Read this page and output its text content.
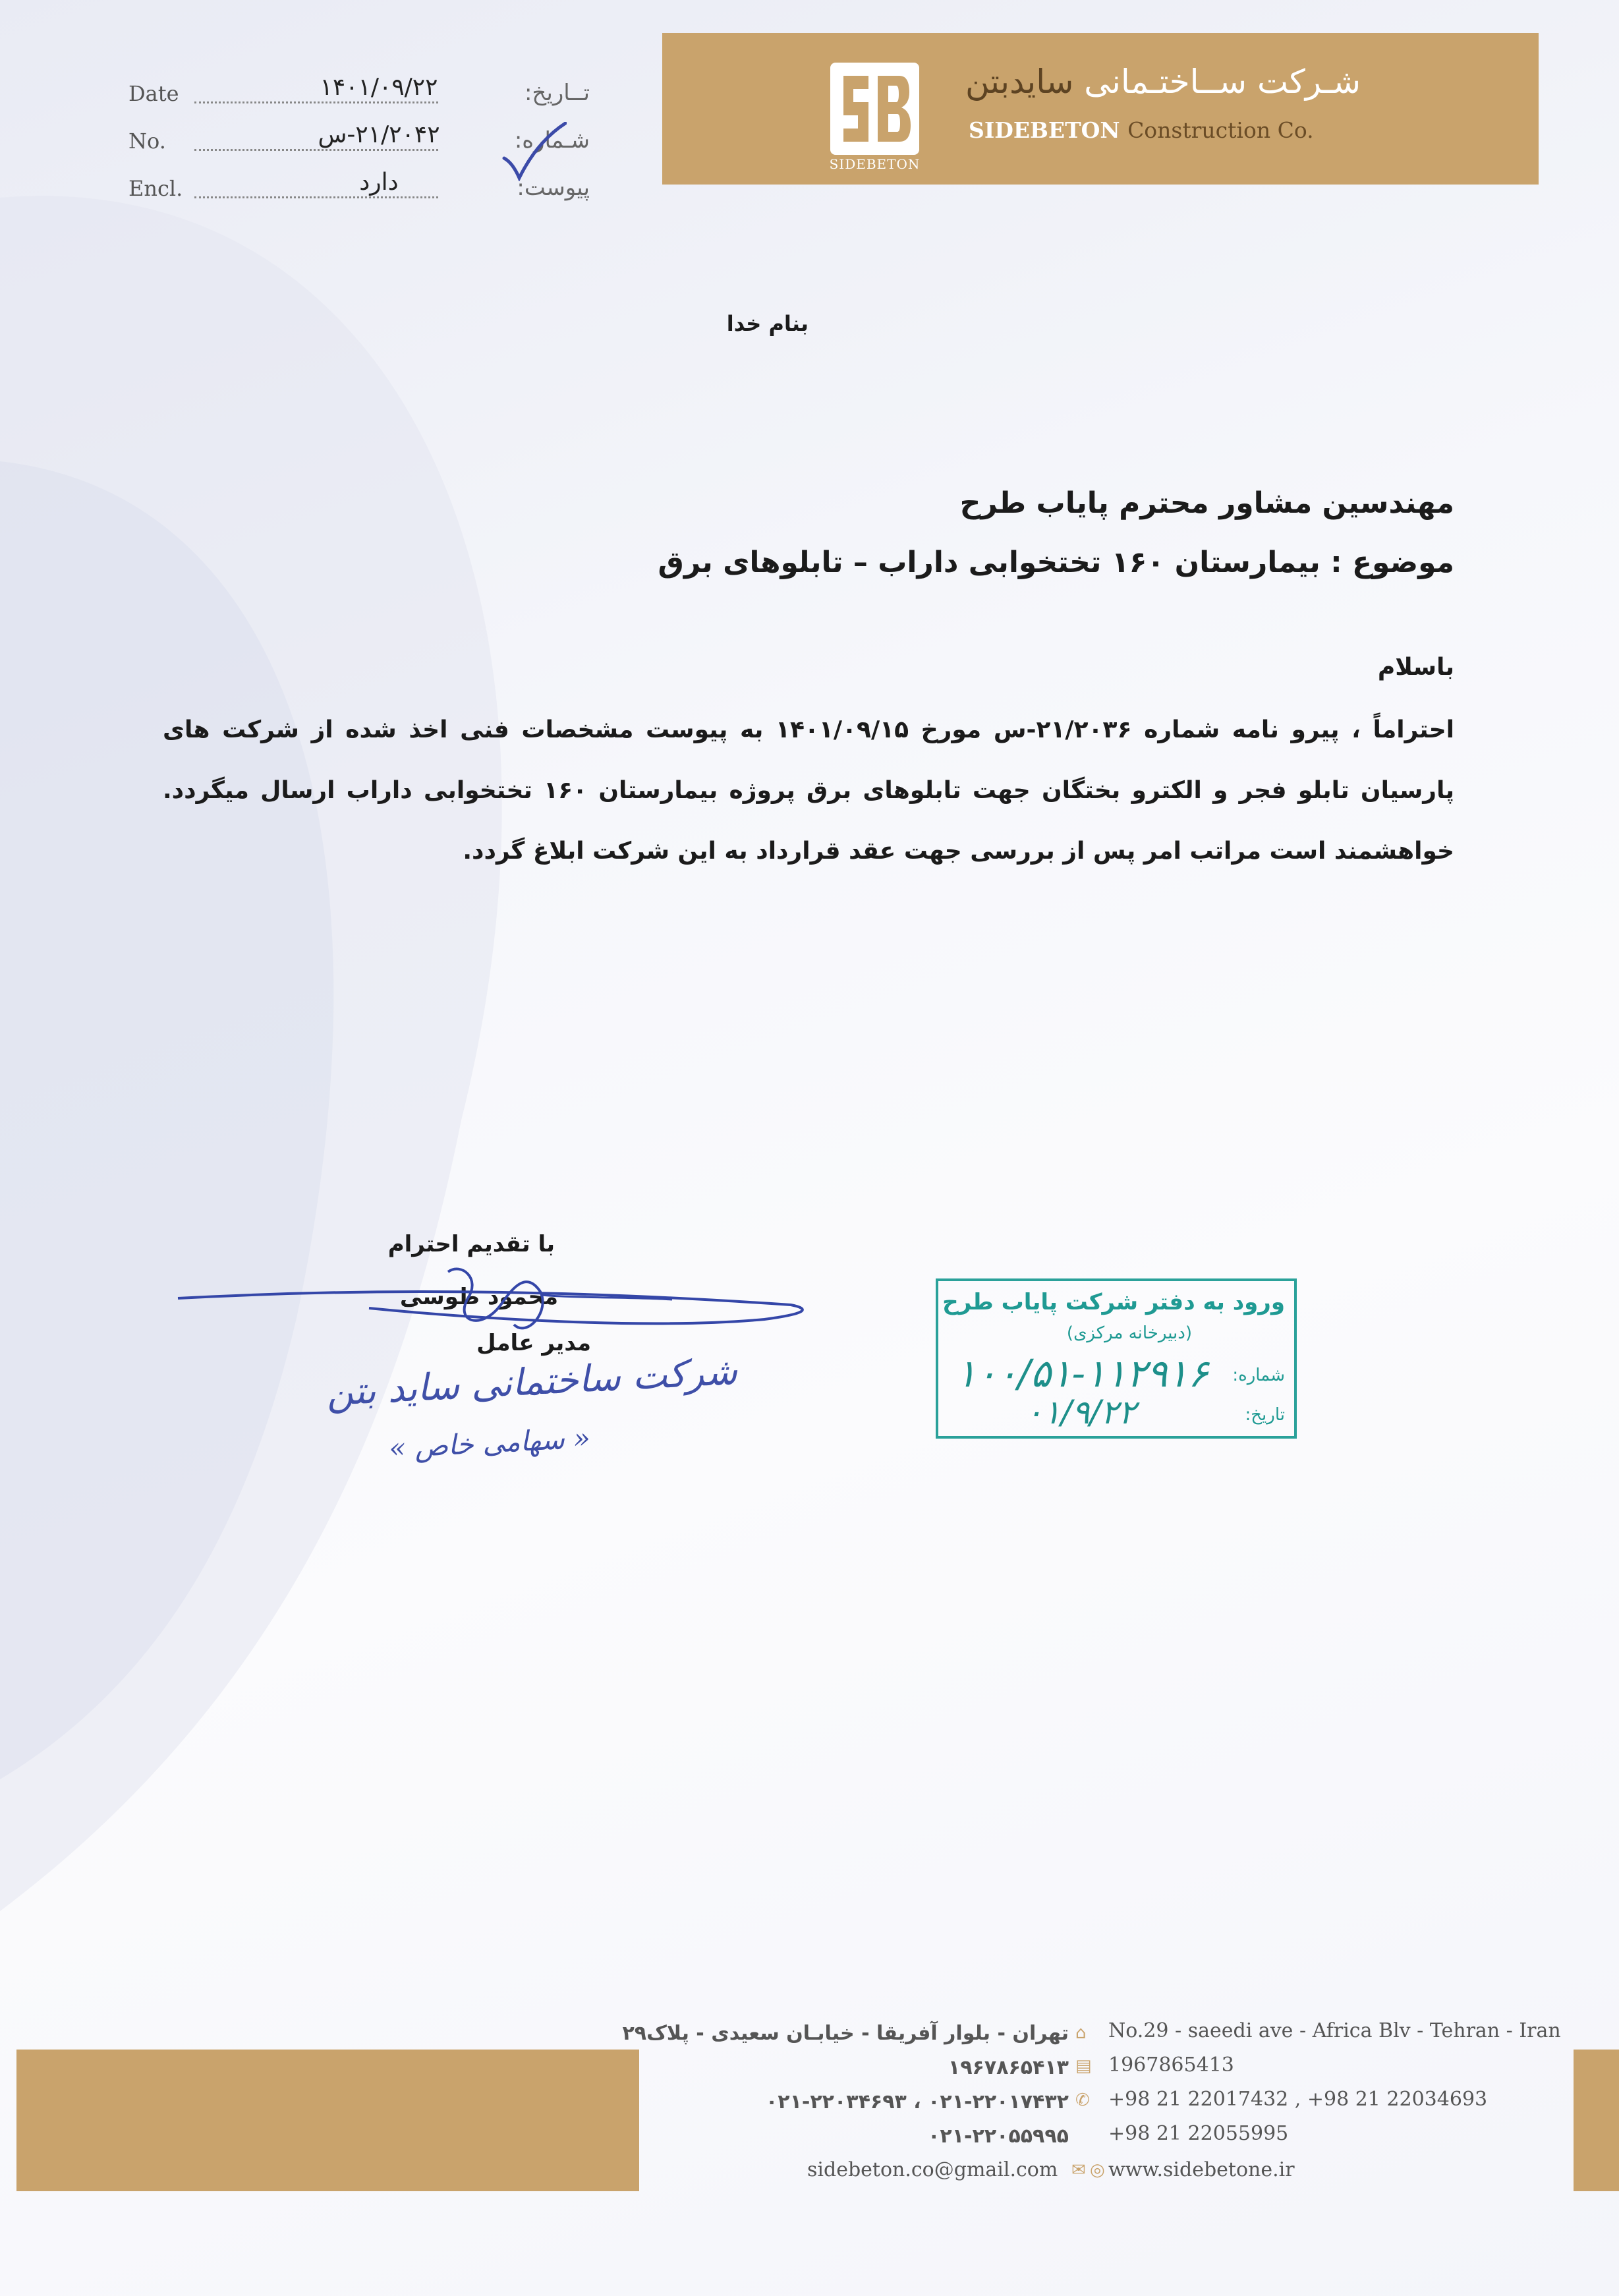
Date	۱۴۰۱/۰۹/۲۲	تــاریخ:
No.	۲۱/۲۰۴۲-س	شـماره:
Encl.	دارد	پیوست:
SIDEBETON
شـرکت ســاختـمانی سایدبتن
SIDEBETON Construction Co.
بنام خدا
مهندسین مشاور محترم پایاب طرح
موضوع : بیمارستان ۱۶۰ تختخوابی داراب – تابلوهای برق
باسلام
احتراماً ، پیرو نامه شماره ۲۱/۲۰۳۶-س مورخ ۱۴۰۱/۰۹/۱۵ به پیوست مشخصات فنی اخذ شده از شرکت های پارسیان تابلو فجر و الکترو بختگان جهت تابلوهای برق پروژه بیمارستان ۱۶۰ تختخوابی داراب ارسال میگردد. خواهشمند است مراتب امر پس از بررسی جهت عقد قرارداد به این شرکت ابلاغ گردد.
با تقدیم احترام
محمود طوسی
مدیر عامل
شرکت ساختمانی ساید بتن
« سهامی خاص »
ورود به دفتر شرکت پایاب طرح
(دبیرخانه مرکزی)
شماره:
۱۰۰/۵۱-۱۱۲۹۱۶
تاریخ:
۰۱/۹/۲۲
تهران - بلوار آفریقا - خیابـان سعیدی - پلاک۲۹ ⌂ No.29 - saeedi ave - Africa Blv - Tehran - Iran
۱۹۶۷۸۶۵۴۱۳ ▤ 1967865413
۰۲۱-۲۲۰۱۷۴۳۲ ، ۰۲۱-۲۲۰۳۴۶۹۳ ✆ +98 21 22017432 , +98 21 22034693
۰۲۱-۲۲۰۵۵۹۹۵ +98 21 22055995
sidebeton.co@gmail.com ✉ ◎ www.sidebetone.ir
